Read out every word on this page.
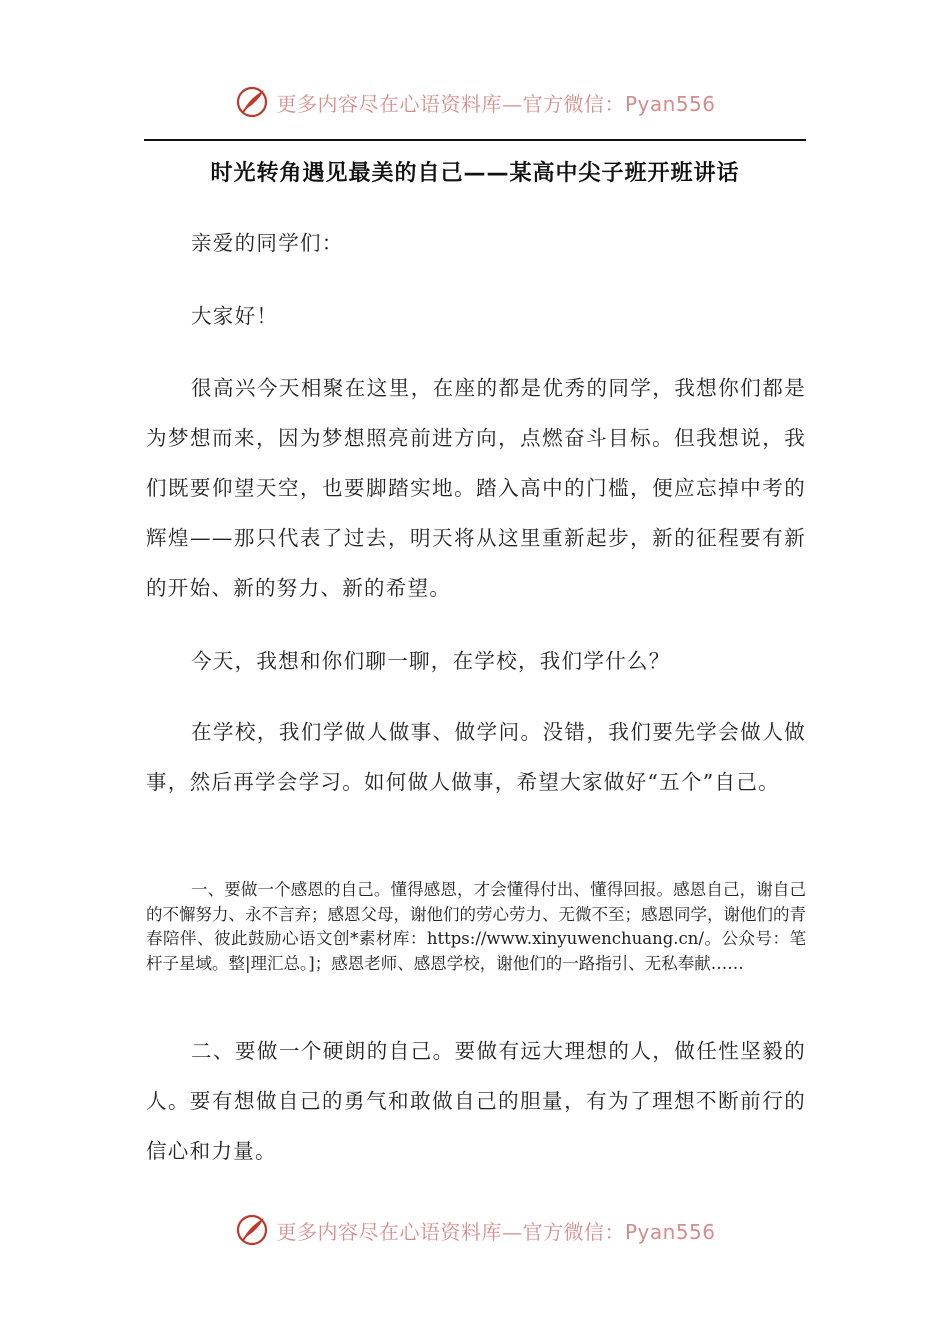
更多内容尽在心语资料库—官方微信：Pyan556
时光转角遇见最美的自己——某高中尖子班开班讲话

亲爱的同学们：

大家好！

很高兴今天相聚在这里，在座的都是优秀的同学，我想你们都是为梦想而来，因为梦想照亮前进方向，点燃奋斗目标。但我想说，我们既要仰望天空，也要脚踏实地。踏入高中的门槛，便应忘掉中考的辉煌——那只代表了过去，明天将从这里重新起步，新的征程要有新的开始、新的努力、新的希望。

今天，我想和你们聊一聊，在学校，我们学什么？

在学校，我们学做人做事、做学问。没错，我们要先学会做人做事，然后再学会学习。如何做人做事，希望大家做好“五个”自己。

一、要做一个感恩的自己。懂得感恩，才会懂得付出、懂得回报。感恩自己，谢自己的不懈努力、永不言弃；感恩父母，谢他们的劳心劳力、无微不至；感恩同学，谢他们的青春陪伴、彼此鼓励心语文创*素材库：https://www.xinyuwenchuang.cn/。公众号：笔杆子星域。整|理汇总。]；感恩老师、感恩学校，谢他们的一路指引、无私奉献……

二、要做一个硬朗的自己。要做有远大理想的人，做任性坚毅的人。要有想做自己的勇气和敢做自己的胆量，有为了理想不断前行的信心和力量。

更多内容尽在心语资料库—官方微信：Pyan556
